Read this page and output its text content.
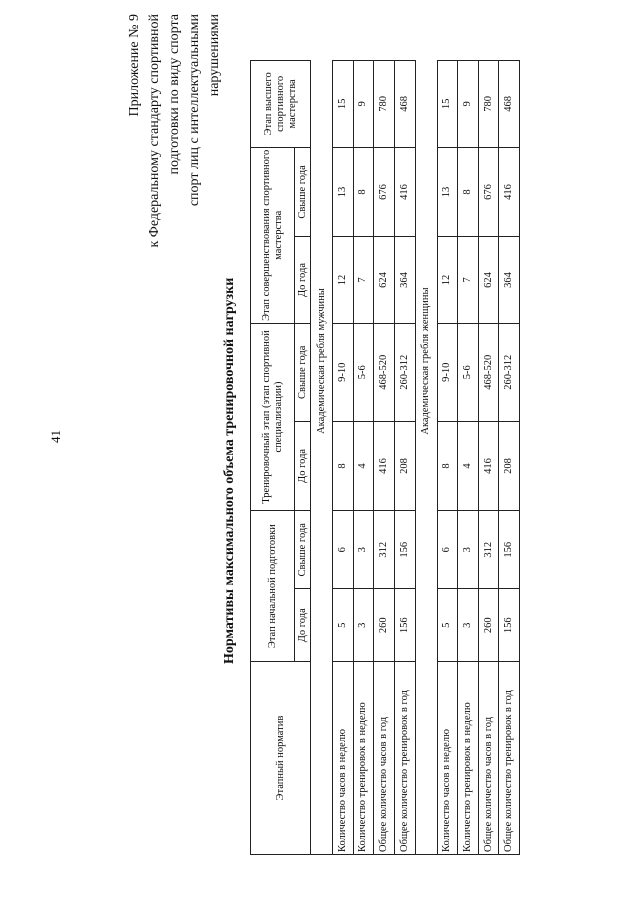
41
Приложение № 9 к Федеральному стандарту спортивной подготовки по виду спорта спорт лиц с интеллектуальными нарушениями
Нормативы максимального объема тренировочной нагрузки
Этапный норматив	Этап начальной подготовки		Тренировочный этап (этап спортивной специализации)		Этап совершенствования спортивного мастерства		Этап высшего спортивного мастерства
	До года	Свыше года	До года	Свыше года	До года	Свыше года	
	Академическая гребля мужчины						
Количество часов в неделю	5	6	8	9-10	12	13	15
Количество тренировок в неделю	3	3	4	5-6	7	8	9
Общее количество часов в год	260	312	416	468-520	624	676	780
Общее количество тренировок в год	156	156	208	260-312	364	416	468
	Академическая гребля женщины						
Количество часов в неделю	5	6	8	9-10	12	13	15
Количество тренировок в неделю	3	3	4	5-6	7	8	9
Общее количество часов в год	260	312	416	468-520	624	676	780
Общее количество тренировок в год	156	156	208	260-312	364	416	468
